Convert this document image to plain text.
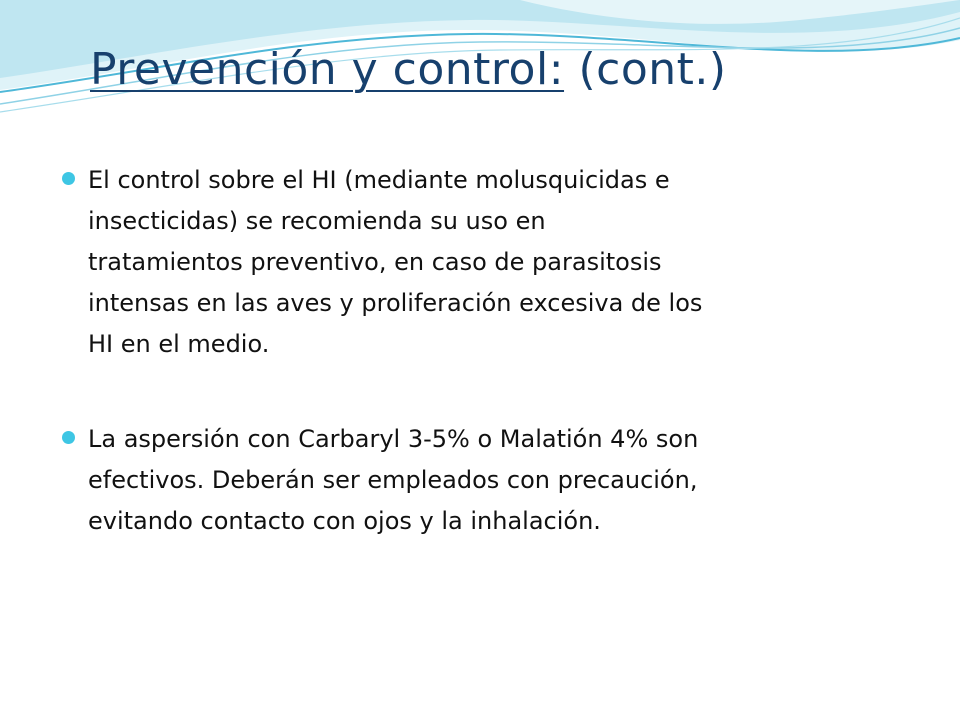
Prevención y control: (cont.)
El control sobre el HI (mediante molusquicidas e
insecticidas) se recomienda su uso en
tratamientos preventivo, en caso de parasitosis
intensas en las aves y proliferación excesiva de los
HI en el medio.
La aspersión con Carbaryl 3-5% o Malatión 4% son
efectivos. Deberán ser empleados con precaución,
evitando contacto con ojos y la inhalación.
